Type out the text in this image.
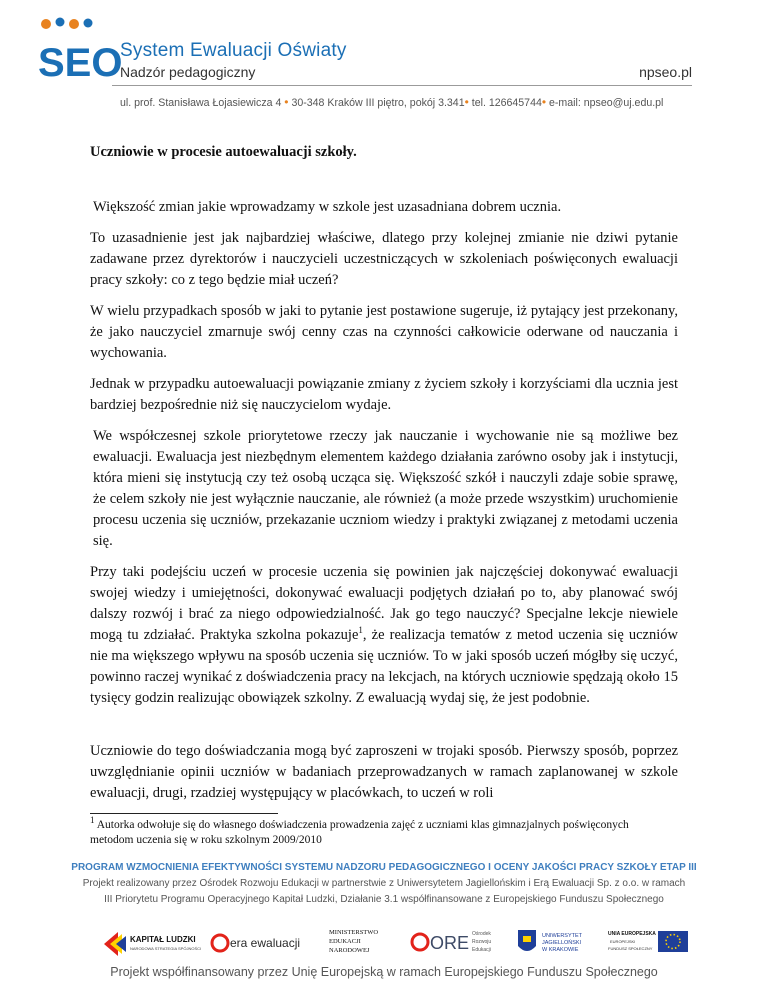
SEO
System Ewaluacji Oświaty
Nadzór pedagogiczny	npseo.pl
ul. prof. Stanisława Łojasiewicza 4 • 30-348 Kraków III piętro, pokój 3.341• tel. 126645744• e-mail: npseo@uj.edu.pl
Uczniowie w procesie autoewaluacji szkoły.

Większość zmian jakie wprowadzamy w szkole jest uzasadniana dobrem ucznia.

To uzasadnienie jest jak najbardziej właściwe, dlatego przy kolejnej zmianie nie dziwi pytanie zadawane przez dyrektorów i nauczycieli uczestniczących w szkoleniach poświęconych ewaluacji pracy szkoły: co z tego będzie miał uczeń?

W wielu przypadkach sposób w jaki to pytanie jest postawione sugeruje, iż pytający jest przekonany, że jako nauczyciel zmarnuje swój cenny czas na czynności całkowicie oderwane od nauczania i wychowania.

Jednak w przypadku autoewaluacji powiązanie zmiany z życiem szkoły i korzyściami dla ucznia jest bardziej bezpośrednie niż się nauczycielom wydaje.

We współczesnej szkole priorytetowe rzeczy jak nauczanie i wychowanie nie są możliwe bez ewaluacji. Ewaluacja jest niezbędnym elementem każdego działania zarówno osoby jak i instytucji, która mieni się instytucją czy też osobą ucząca się. Większość szkół i nauczyli zdaje sobie sprawę, że celem szkoły nie jest wyłącznie nauczanie, ale również (a może przede wszystkim) uruchomienie procesu uczenia się uczniów, przekazanie uczniom wiedzy i praktyki związanej z metodami uczenia się.

Przy taki podejściu uczeń w procesie uczenia się powinien jak najczęściej dokonywać ewaluacji swojej wiedzy i umiejętności, dokonywać ewaluacji podjętych działań po to, aby planować swój dalszy rozwój i brać za niego odpowiedzialność. Jak go tego nauczyć? Specjalne lekcje niewiele mogą tu zdziałać. Praktyka szkolna pokazuje$^1$, że realizacja tematów z metod uczenia się uczniów nie ma większego wpływu na sposób uczenia się uczniów. To w jaki sposób uczeń mógłby się uczyć, powinno raczej wynikać z doświadczenia pracy na lekcjach, na których uczniowie spędzają około 15 tysięcy godzin realizując obowiązek szkolny. Z ewaluacją wydaj się, że jest podobnie.

Uczniowie do tego doświadczania mogą być zaproszeni w trojaki sposób. Pierwszy sposób, poprzez uwzględnianie opinii uczniów w badaniach przeprowadzanych w ramach zaplanowanej w szkole ewaluacji, drugi, rzadziej występujący w placówkach, to uczeń w roli

$^1$ Autorka odwołuje się do własnego doświadczenia prowadzenia zajęć z uczniami klas gimnazjalnych poświęconych metodom uczenia się w roku szkolnym 2009/2010
PROGRAM WZMOCNIENIA EFEKTYWNOŚCI SYSTEMU NADZORU PEDAGOGICZNEGO I OCENY JAKOŚCI PRACY SZKOŁY ETAP III
Projekt realizowany przez Ośrodek Rozwoju Edukacji w partnerstwie z Uniwersytetem Jagiellońskim i Erą Ewaluacji Sp. z o.o. w ramach
III Priorytetu Programu Operacyjnego Kapitał Ludzki, Działanie 3.1 współfinansowane z Europejskiego Funduszu Społecznego
KAPITAŁ LUDZKI
NARODOWA STRATEGIA SPÓJNOŚCI era ewaluacji
MINISTERSTWO
EDUKACJI
NARODOWEJ	ORE Ośrodek
Rozwoju
Edukacji
UNIWERSYTET
JAGIELLOŃSKI
W KRAKOWIE
UNIA EUROPEJSKA
EUROPEJSKI
FUNDUSZ SPOŁECZNY
Projekt współfinansowany przez Unię Europejską w ramach Europejskiego Funduszu Społecznego
